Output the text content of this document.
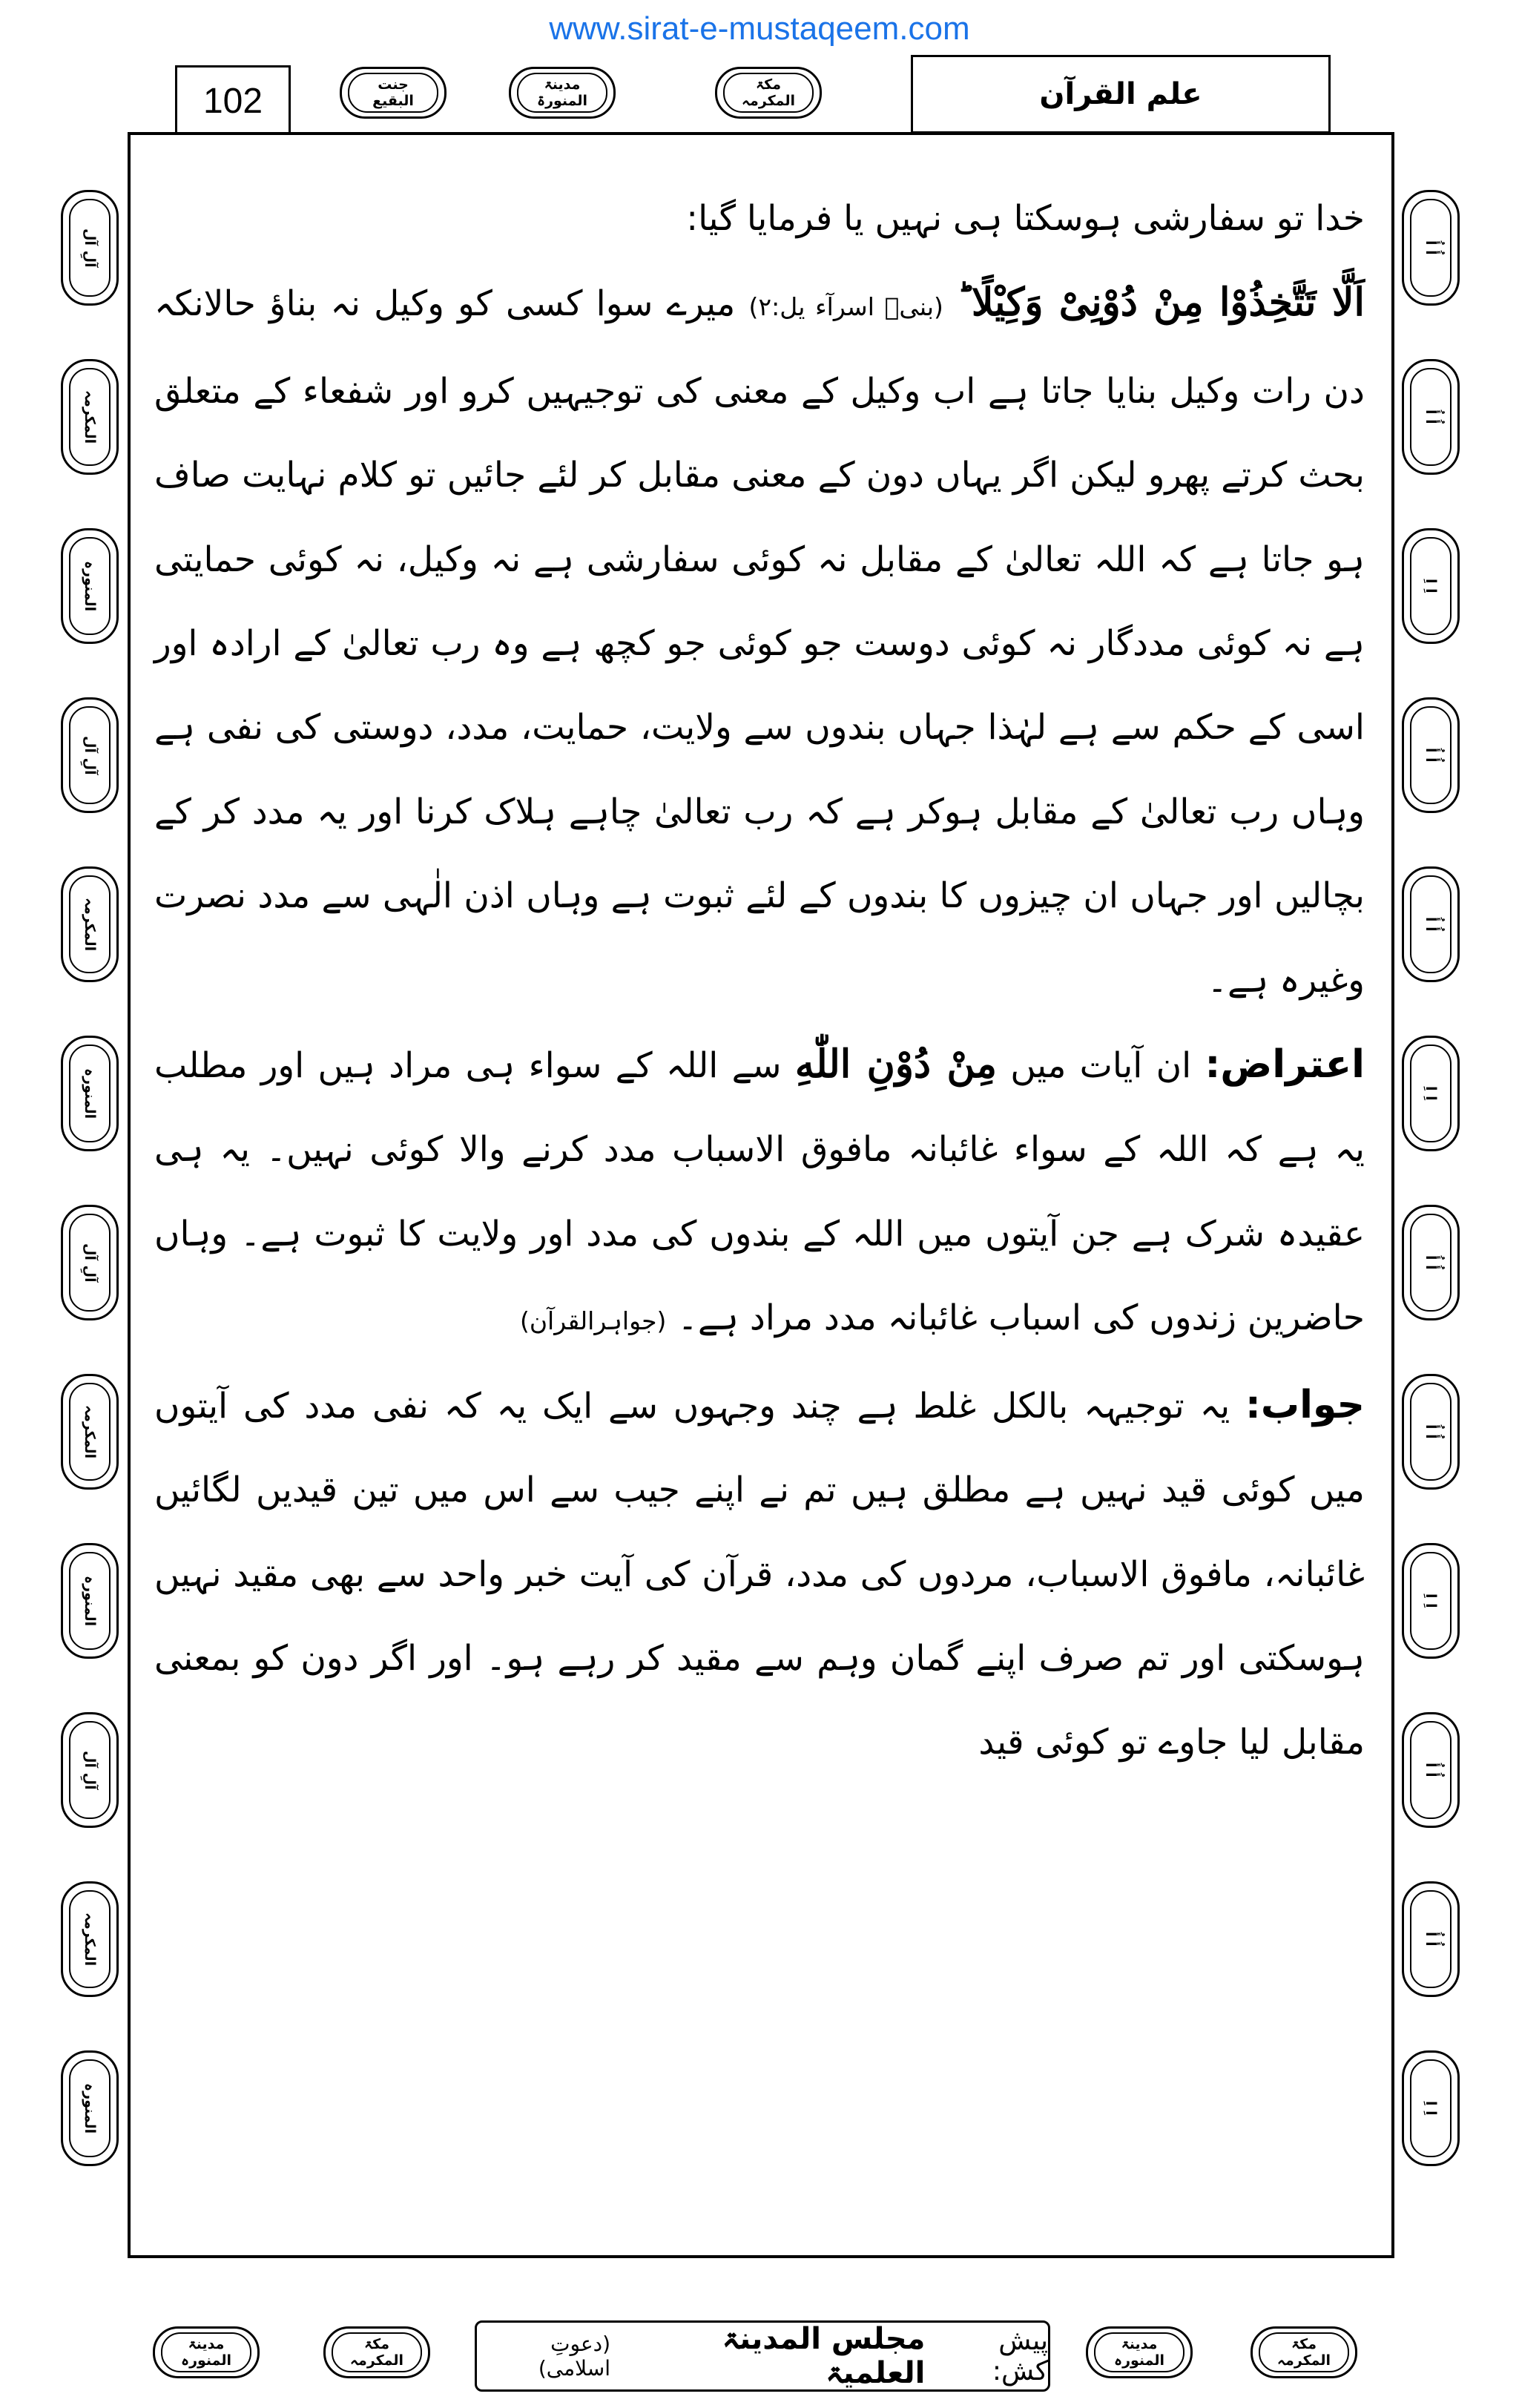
www.sirat-e-mustaqeem.com
102	جنت
البقیع
مدینۃ
المنورۃ
مکۃ
المکرمہ	علم القرآن
آلِ آل
المکرمہ
المنورہ
آلِ آل
المکرمہ
المنورہ
آلِ آل
المکرمہ
المنورہ
آلِ آل
المکرمہ
المنورہ
أُ أُ
أُ أُ
اِ اِ
أُ أُ
أُ أُ
اِ اِ
أُ أُ
أُ أُ
اِ اِ
أُ أُ
أُ أُ
اِ اِ

خدا تو سفارشی ہوسکتا ہی نہیں یا فرمایا گیا:

اَلَّا تَتَّخِذُوْا مِنْ دُوْنِیْ وَکِیْلًا ؕ (بنیۤ اسرآء یل:۲) میرے سوا کسی کو وکیل نہ بناؤ حالانکہ دن رات وکیل بنایا جاتا ہے اب وکیل کے معنی کی توجیہیں کرو اور شفعاء کے متعلق بحث کرتے پھرو لیکن اگر یہاں دون کے معنی مقابل کر لئے جائیں تو کلام نہایت صاف ہو جاتا ہے کہ اللہ تعالیٰ کے مقابل نہ کوئی سفارشی ہے نہ وکیل، نہ کوئی حمایتی ہے نہ کوئی مددگار نہ کوئی دوست جو کوئی جو کچھ ہے وہ رب تعالیٰ کے ارادہ اور اسی کے حکم سے ہے لہٰذا جہاں بندوں سے ولایت، حمایت، مدد، دوستی کی نفی ہے وہاں رب تعالیٰ کے مقابل ہوکر ہے کہ رب تعالیٰ چاہے ہلاک کرنا اور یہ مدد کر کے بچالیں اور جہاں ان چیزوں کا بندوں کے لئے ثبوت ہے وہاں اذن الٰہی سے مدد نصرت وغیرہ ہے۔

اعتراض: ان آیات میں مِنْ دُوْنِ اللّٰهِ سے اللہ کے سواء ہی مراد ہیں اور مطلب یہ ہے کہ اللہ کے سواء غائبانہ مافوق الاسباب مدد کرنے والا کوئی نہیں۔ یہ ہی عقیدہ شرک ہے جن آیتوں میں اللہ کے بندوں کی مدد اور ولایت کا ثبوت ہے۔ وہاں حاضرین زندوں کی اسباب غائبانہ مدد مراد ہے۔ (جواہرالقرآن)

جواب: یہ توجیہہ بالکل غلط ہے چند وجہوں سے ایک یہ کہ نفی مدد کی آیتوں میں کوئی قید نہیں ہے مطلق ہیں تم نے اپنے جیب سے اس میں تین قیدیں لگائیں غائبانہ، مافوق الاسباب، مردوں کی مدد، قرآن کی آیت خبر واحد سے بھی مقید نہیں ہوسکتی اور تم صرف اپنے گمان وہم سے مقید کر رہے ہو۔ اور اگر دون کو بمعنی مقابل لیا جاوے تو کوئی قید

مدینۃ
المنورہ
مکۃ
المکرمہ
پیش کش:
مجلس المدینۃ العلمیۃ
(دعوتِ اسلامی)
مدینۃ
المنورہ
مکۃ
المکرمہ
